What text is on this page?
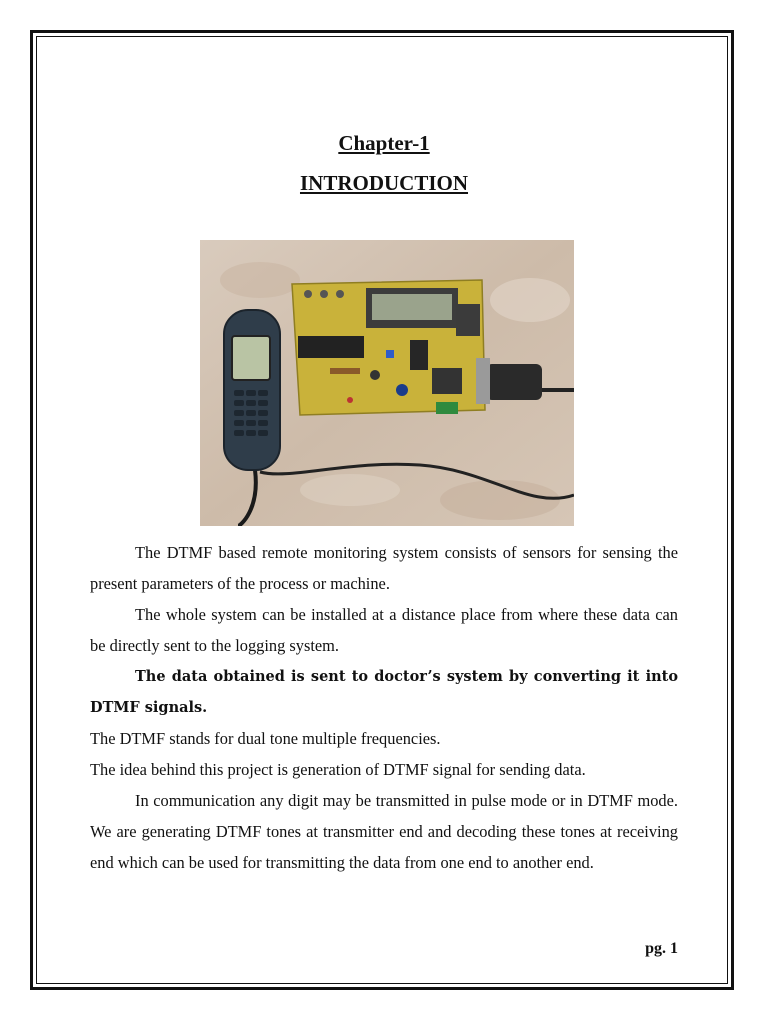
Chapter-1
INTRODUCTION
The DTMF based remote monitoring system consists of sensors for sensing the present parameters of the process or machine.
The whole system can be installed at a distance place from where these data can be directly sent to the logging system.
The data obtained is sent to doctor’s system by converting it into DTMF signals.
The DTMF stands for dual tone multiple frequencies.
The idea behind this project is generation of DTMF signal for sending data.
In communication any digit may be transmitted in pulse mode or in DTMF mode. We are generating DTMF tones at transmitter end and decoding these tones at receiving end which can be used for transmitting the data from one end to another end.
pg. 1
